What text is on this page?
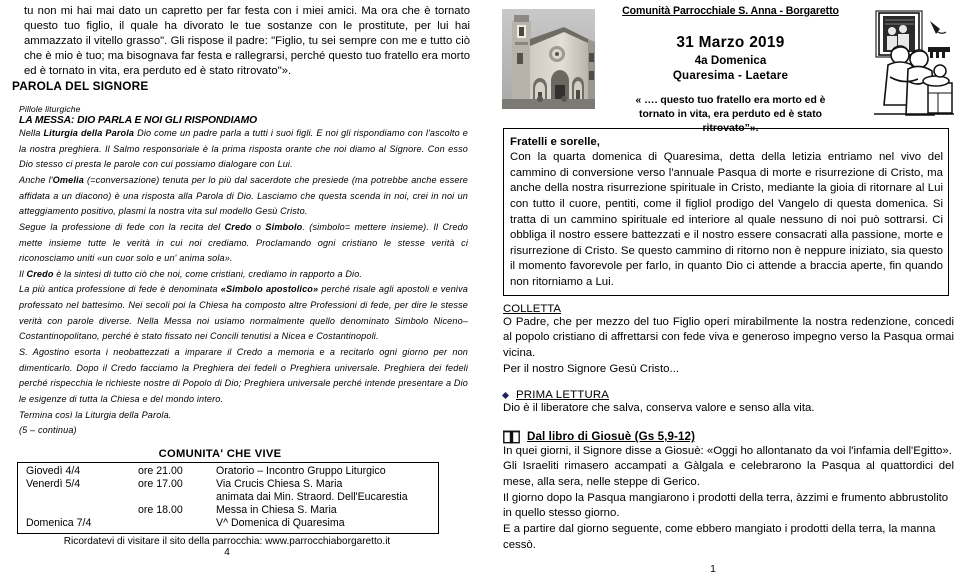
tu non mi hai mai dato un capretto per far festa con i miei amici. Ma ora che è tornato questo tuo figlio, il quale ha divorato le tue sostanze con le prostitute, per lui hai ammazzato il vitello grasso". Gli rispose il padre: "Figlio, tu sei sempre con me e tutto ciò che è mio è tuo; ma bisognava far festa e rallegrarsi, perché questo tuo fratello era morto ed è tornato in vita, era perduto ed è stato ritrovato"».
PAROLA DEL SIGNORE
Pillole liturgiche
LA MESSA: DIO PARLA E NOI GLI RISPONDIAMO

Nella Liturgia della Parola Dio come un padre parla a tutti i suoi figli. E noi gli rispondiamo con l'ascolto e la nostra preghiera. Il Salmo responsoriale è la prima risposta orante che noi diamo al Signore. Con esso Dio stesso ci presta le parole con cui possiamo dialogare con Lui.

Anche l'Omelia (=conversazione) tenuta per lo più dal sacerdote che presiede (ma potrebbe anche essere affidata a un diacono) è una risposta alla Parola di Dio. Lasciamo che questa scenda in noi, crei in noi un atteggiamento positivo, plasmi la nostra vita sul modello Gesù Cristo.

Segue la professione di fede con la recita del Credo o Simbolo. (simbolo= mettere insieme). Il Credo mette insieme tutte le verità in cui noi crediamo. Proclamando ogni cristiano le stesse verità ci riconosciamo uniti «un cuor solo e un' anima sola».

Il Credo è la sintesi di tutto ciò che noi, come cristiani, crediamo in rapporto a Dio.

La più antica professione di fede è denominata «Simbolo apostolico» perché risale agli apostoli e veniva professato nel battesimo. Nei secoli poi la Chiesa ha composto altre Professioni di fede, per dire le stesse verità con parole diverse. Nella Messa noi usiamo normalmente quello denominato Simbolo Niceno–Costantinopolitano, perché è stato fissato nei Concili tenutisi a Nicea e Costantinopoli.

S. Agostino esorta i neobattezzati a imparare il Credo a memoria e a recitarlo ogni giorno per non dimenticarlo. Dopo il Credo facciamo la Preghiera dei fedeli o Preghiera universale. Preghiera dei fedeli perché rispecchia le richieste nostre di Popolo di Dio; Preghiera universale perché intende presentare a Dio le esigenze di tutta la Chiesa e del mondo intero.

Termina così la Liturgia della Parola.

(5 – continua)

COMUNITA' CHE VIVE
Giovedì 4/4	ore 21.00	Oratorio – Incontro Gruppo Liturgico
Venerdì 5/4	ore 17.00	Via Crucis Chiesa S. Maria
		animata dai Min. Straord. Dell'Eucarestia
	ore 18.00	Messa in Chiesa S. Maria
Domenica 7/4		V^ Domenica di Quaresima
Ricordatevi di visitare il sito della parrocchia: www.parrocchiaborgaretto.it
4
Comunità Parrocchiale S. Anna - Borgaretto
31 Marzo 2019
4a Domenica
Quaresima - Laetare
« …. questo tuo fratello era morto ed è tornato in vita, era perduto ed è stato ritrovato”».
Fratelli e sorelle,

Con la quarta domenica di Quaresima, detta della letizia entriamo nel vivo del cammino di conversione verso l'annuale Pasqua di morte e risurrezione di Cristo, ma anche della nostra risurrezione spirituale in Cristo, mediante la gioia di ritornare al Lui con tutto il cuore, pentiti, come il figliol prodigo del Vangelo di questa domenica. Si tratta di un cammino spirituale ed interiore al quale nessuno di noi può sottrarsi. Ci obbliga il nostro essere battezzati e il nostro essere consacrati alla passione, morte e risurrezione di Cristo. Se questo cammino di ritorno non è neppure iniziato, sia questo il momento favorevole per farlo, in quanto Dio ci attende a braccia aperte, fin quando non ritorniamo a Lui.

COLLETTA

O Padre, che per mezzo del tuo Figlio operi mirabilmente la nostra redenzione, concedi al popolo cristiano di affrettarsi con fede viva e generoso impegno verso la Pasqua ormai vicina.

Per il nostro Signore Gesù Cristo...

PRIMA LETTURA

Dio è il liberatore che salva, conserva valore e senso alla vita.

Dal libro di Giosuè (Gs 5,9-12)

In quei giorni, il Signore disse a Giosuè: «Oggi ho allontanato da voi l'infamia dell'Egitto».

Gli Israeliti rimasero accampati a Gàlgala e celebrarono la Pasqua al quattordici del mese, alla sera, nelle steppe di Gerico.

Il giorno dopo la Pasqua mangiarono i prodotti della terra, àzzimi e frumento abbrustolito in quello stesso giorno.

E a partire dal giorno seguente, come ebbero mangiato i prodotti della terra, la manna cessò.

1
